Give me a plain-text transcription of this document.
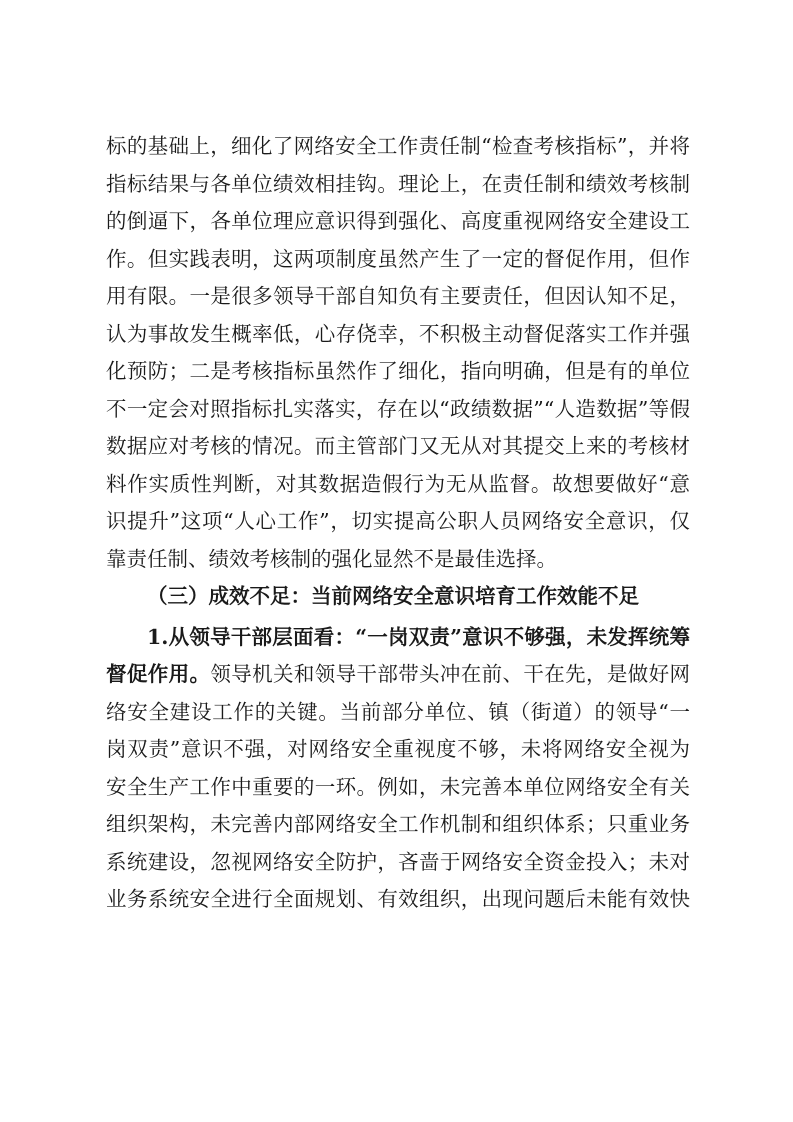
标的基础上，细化了网络安全工作责任制“检查考核指标”，并将
指标结果与各单位绩效相挂钩。理论上，在责任制和绩效考核制
的倒逼下，各单位理应意识得到强化、高度重视网络安全建设工
作。但实践表明，这两项制度虽然产生了一定的督促作用，但作
用有限。一是很多领导干部自知负有主要责任，但因认知不足，
认为事故发生概率低，心存侥幸，不积极主动督促落实工作并强
化预防；二是考核指标虽然作了细化，指向明确，但是有的单位
不一定会对照指标扎实落实，存在以“政绩数据”“人造数据”等假
数据应对考核的情况。而主管部门又无从对其提交上来的考核材
料作实质性判断，对其数据造假行为无从监督。故想要做好“意
识提升”这项“人心工作”，切实提高公职人员网络安全意识，仅
靠责任制、绩效考核制的强化显然不是最佳选择。
（三）成效不足：当前网络安全意识培育工作效能不足
1.从领导干部层面看：“一岗双责”意识不够强，未发挥统筹
督促作用。领导机关和领导干部带头冲在前、干在先，是做好网
络安全建设工作的关键。当前部分单位、镇（街道）的领导“一
岗双责”意识不强，对网络安全重视度不够，未将网络安全视为
安全生产工作中重要的一环。例如，未完善本单位网络安全有关
组织架构，未完善内部网络安全工作机制和组织体系；只重业务
系统建设，忽视网络安全防护，吝啬于网络安全资金投入；未对
业务系统安全进行全面规划、有效组织，出现问题后未能有效快
